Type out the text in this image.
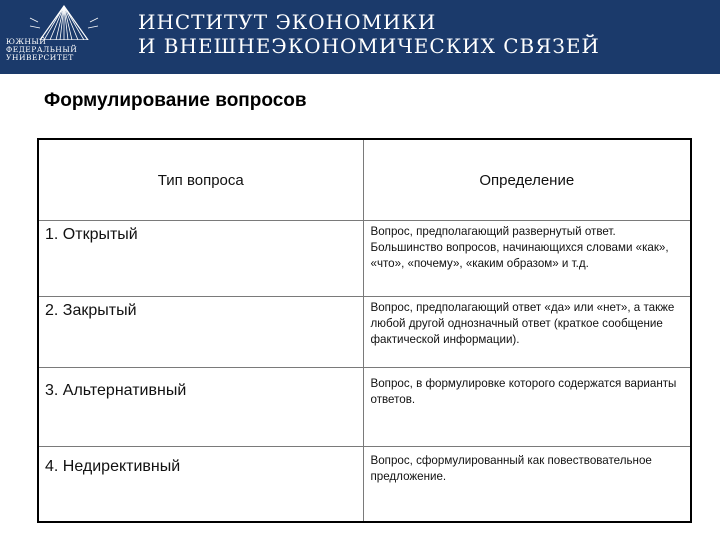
ЮЖНЫЙ
ФЕДЕРАЛЬНЫЙ
УНИВЕРСИТЕТ
ИНСТИТУТ ЭКОНОМИКИ
И ВНЕШНЕЭКОНОМИЧЕСКИХ СВЯЗЕЙ
Формулирование вопросов
Тип вопроса	Определение

1. Открытый	Вопрос, предполагающий развернутый ответ. Большинство вопросов, начинающихся словами «как», «что», «почему», «каким образом» и т.д.

2. Закрытый	Вопрос, предполагающий ответ «да» или «нет», а также любой другой однозначный ответ (краткое сообщение фактической информации).

3. Альтернативный	Вопрос, в формулировке которого содержатся варианты ответов.

4. Недирективный	Вопрос, сформулированный как повествовательное предложение.
